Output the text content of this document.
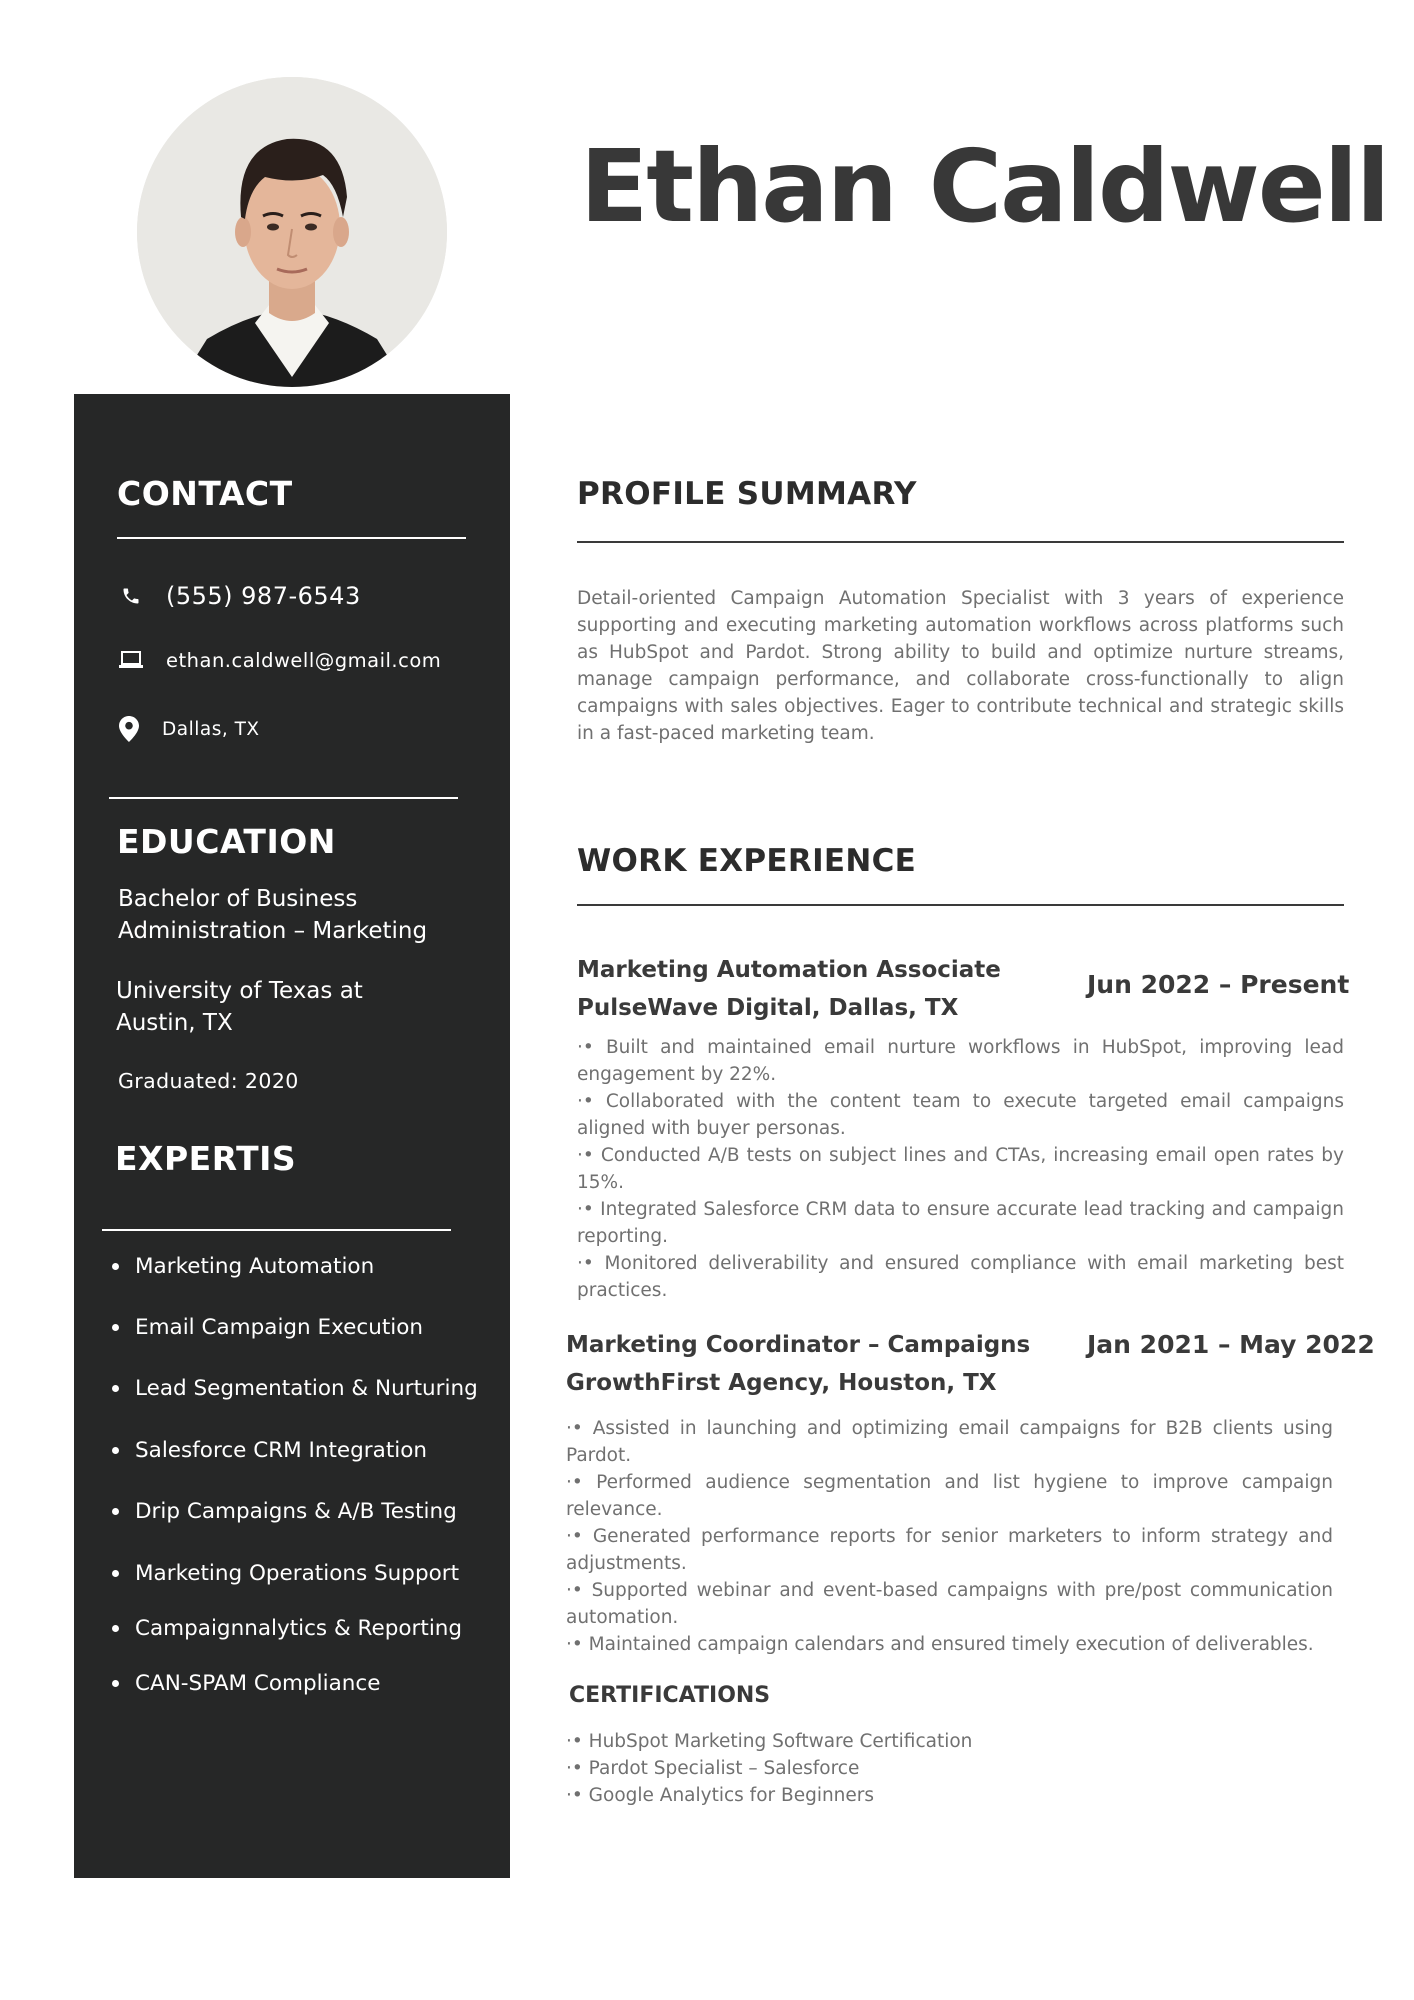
Ethan Caldwell
CONTACT
(555) 987-6543
ethan.caldwell@gmail.com
Dallas, TX
EDUCATION
Bachelor of Business
Administration – Marketing
University of Texas at
Austin, TX
Graduated: 2020
EXPERTIS
Marketing Automation
Email Campaign Execution
Lead Segmentation & Nurturing
Salesforce CRM Integration
Drip Campaigns & A/B Testing
Marketing Operations Support
Campaignnalytics & Reporting
CAN-SPAM Compliance
PROFILE SUMMARY

Detail-oriented Campaign Automation Specialist with 3 years of experience supporting and executing marketing automation workflows across platforms such as HubSpot and Pardot. Strong ability to build and optimize nurture streams, manage campaign performance, and collaborate cross-functionally to align campaigns with sales objectives. Eager to contribute technical and strategic skills in a fast-paced marketing team.

WORK EXPERIENCE
Marketing Automation Associate
PulseWave Digital, Dallas, TX
Jun 2022 – Present
·• Built and maintained email nurture workflows in HubSpot, improving lead engagement by 22%.
·• Collaborated with the content team to execute targeted email campaigns aligned with buyer personas.
·• Conducted A/B tests on subject lines and CTAs, increasing email open rates by 15%.
·• Integrated Salesforce CRM data to ensure accurate lead tracking and campaign reporting.
·• Monitored deliverability and ensured compliance with email marketing best practices.
Marketing Coordinator – Campaigns
GrowthFirst Agency, Houston, TX
Jan 2021 – May 2022
·• Assisted in launching and optimizing email campaigns for B2B clients using Pardot.
·• Performed audience segmentation and list hygiene to improve campaign relevance.
·• Generated performance reports for senior marketers to inform strategy and adjustments.
·• Supported webinar and event-based campaigns with pre/post communication automation.
·• Maintained campaign calendars and ensured timely execution of deliverables.
CERTIFICATIONS
·• HubSpot Marketing Software Certification
·• Pardot Specialist – Salesforce
·• Google Analytics for Beginners
